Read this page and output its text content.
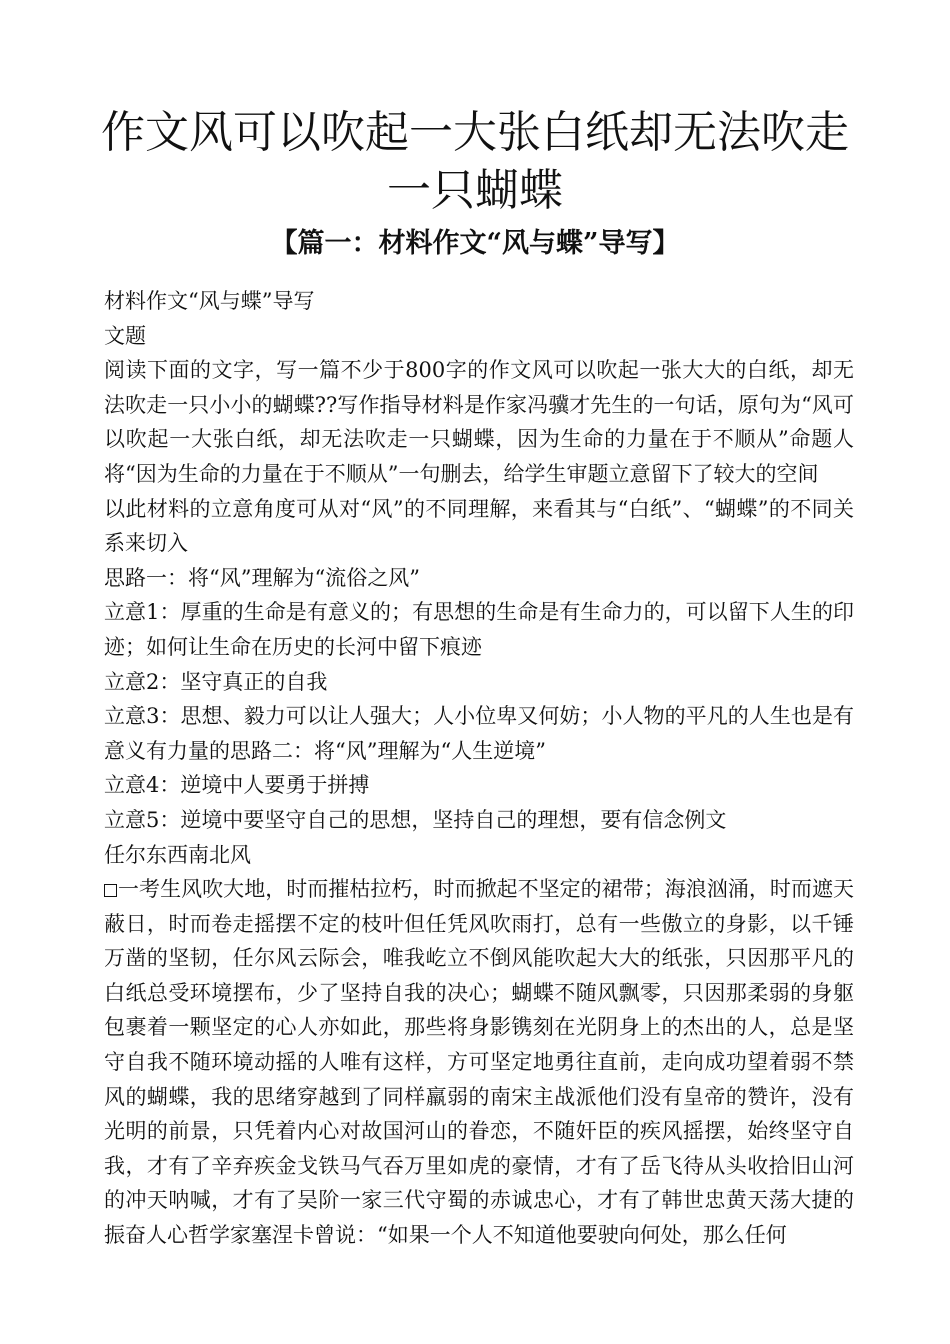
作文风可以吹起一大张白纸却无法吹走一只蝴蝶
【篇一：材料作文“风与蝶”导写】

材料作文“风与蝶”导写

文题

阅读下面的文字，写一篇不少于800字的作文风可以吹起一张大大的白纸，却无法吹走一只小小的蝴蝶??写作指导材料是作家冯骥才先生的一句话，原句为“风可以吹起一大张白纸，却无法吹走一只蝴蝶，因为生命的力量在于不顺从”命题人将“因为生命的力量在于不顺从”一句删去，给学生审题立意留下了较大的空间

以此材料的立意角度可从对“风”的不同理解，来看其与“白纸”、“蝴蝶”的不同关系来切入

思路一：将“风”理解为“流俗之风”

立意1：厚重的生命是有意义的；有思想的生命是有生命力的，可以留下人生的印迹；如何让生命在历史的长河中留下痕迹

立意2：坚守真正的自我

立意3：思想、毅力可以让人强大；人小位卑又何妨；小人物的平凡的人生也是有意义有力量的思路二：将“风”理解为“人生逆境”

立意4：逆境中人要勇于拼搏

立意5：逆境中要坚守自己的思想，坚持自己的理想，要有信念例文

任尔东西南北风

一考生风吹大地，时而摧枯拉朽，时而掀起不坚定的裙带；海浪汹涌，时而遮天蔽日，时而卷走摇摆不定的枝叶但任凭风吹雨打，总有一些傲立的身影，以千锤万凿的坚韧，任尔风云际会，唯我屹立不倒风能吹起大大的纸张，只因那平凡的白纸总受环境摆布，少了坚持自我的决心；蝴蝶不随风飘零，只因那柔弱的身躯包裹着一颗坚定的心人亦如此，那些将身影镌刻在光阴身上的杰出的人，总是坚守自我不随环境动摇的人唯有这样，方可坚定地勇往直前，走向成功望着弱不禁风的蝴蝶，我的思绪穿越到了同样羸弱的南宋主战派他们没有皇帝的赞许，没有光明的前景，只凭着内心对故国河山的眷恋，不随奸臣的疾风摇摆，始终坚守自我，才有了辛弃疾金戈铁马气吞万里如虎的豪情，才有了岳飞待从头收拾旧山河的冲天呐喊，才有了吴阶一家三代守蜀的赤诚忠心，才有了韩世忠黄天荡大捷的振奋人心哲学家塞涅卡曾说：“如果一个人不知道他要驶向何处，那么任何
